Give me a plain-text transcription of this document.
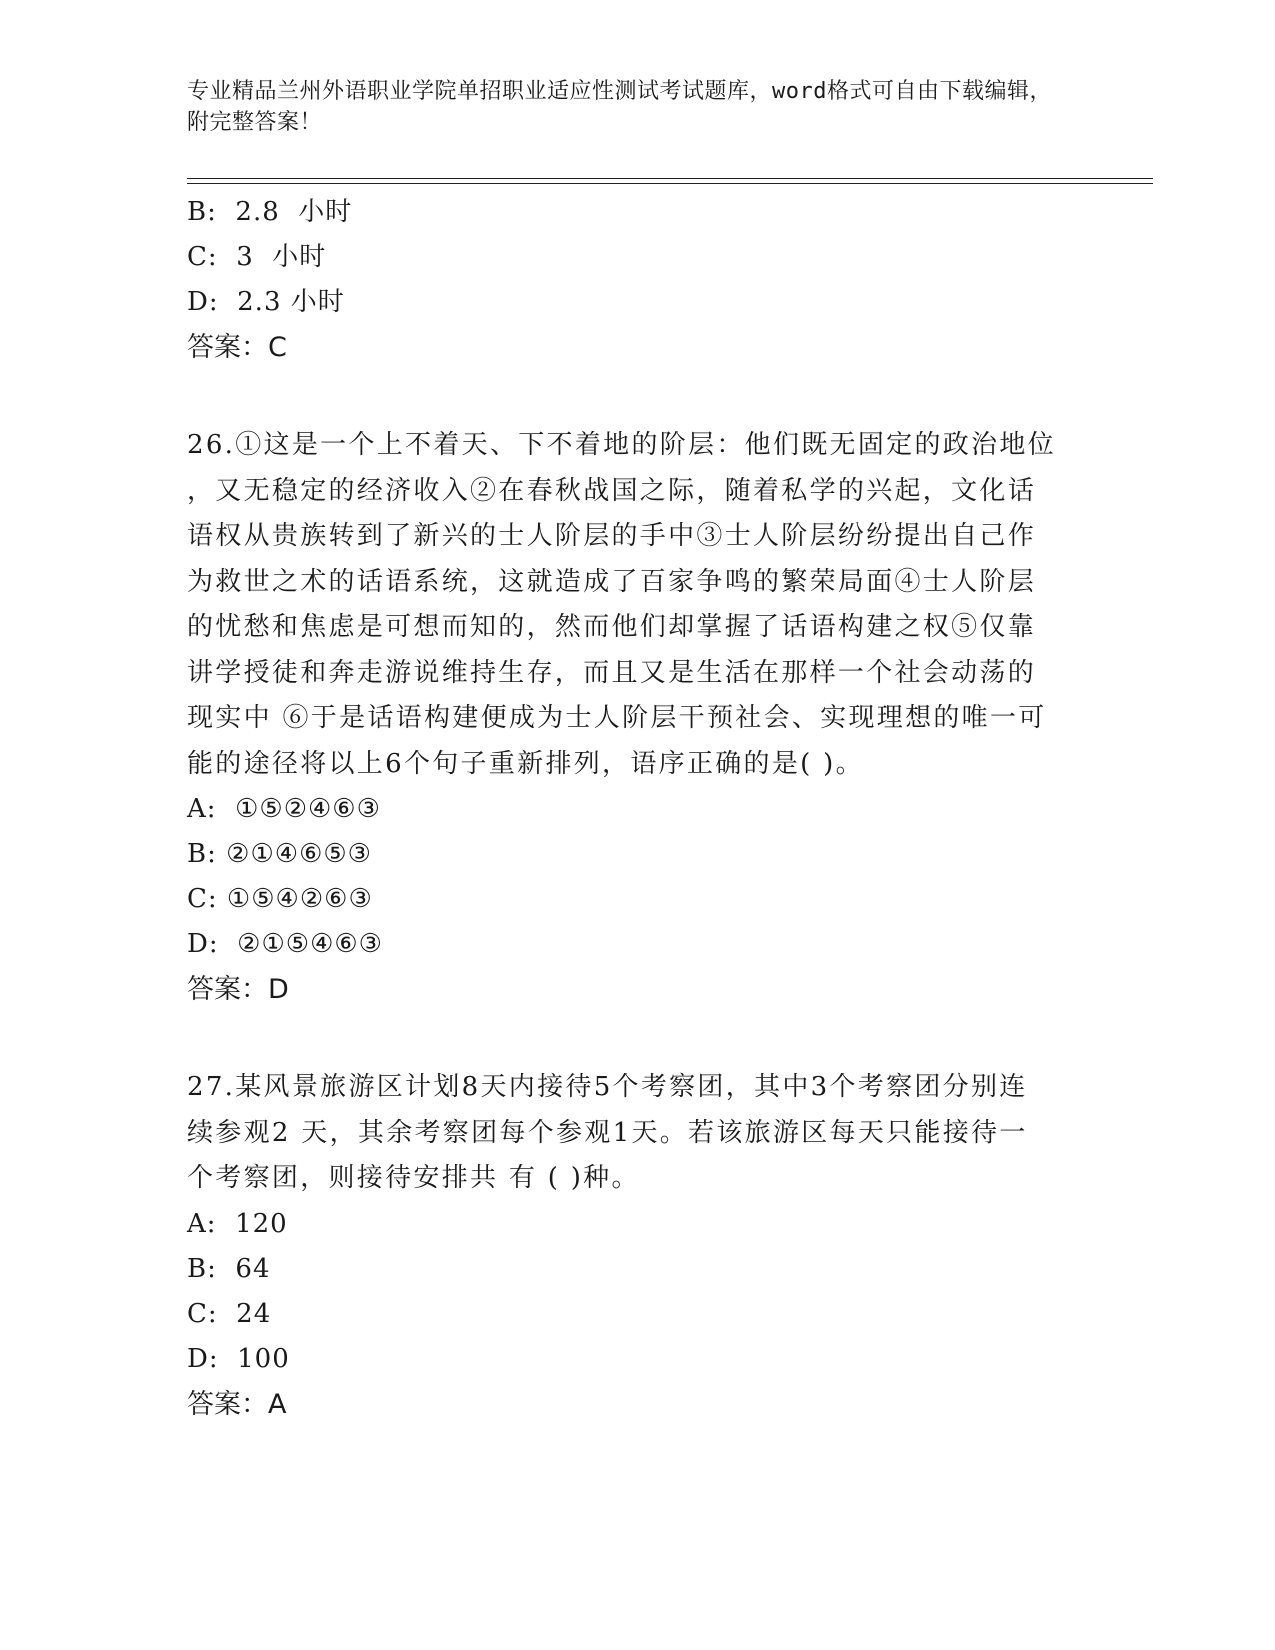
专业精品兰州外语职业学院单招职业适应性测试考试题库，word格式可自由下载编辑，附完整答案！
B: 2.8  小时
C: 3  小时
D: 2.3 小时
答案：C
26.①这是一个上不着天、下不着地的阶层：他们既无固定的政治地位
，又无稳定的经济收入②在春秋战国之际，随着私学的兴起，文化话
语权从贵族转到了新兴的士人阶层的手中③士人阶层纷纷提出自己作
为救世之术的话语系统，这就造成了百家争鸣的繁荣局面④士人阶层
的忧愁和焦虑是可想而知的，然而他们却掌握了话语构建之权⑤仅靠
讲学授徒和奔走游说维持生存，而且又是生活在那样一个社会动荡的
现实中 ⑥于是话语构建便成为士人阶层干预社会、实现理想的唯一可
能的途径将以上6个句子重新排列，语序正确的是( )。
A:  ①⑤②④⑥③
B: ②①④⑥⑤③
C: ①⑤④②⑥③
D:  ②①⑤④⑥③
答案：D
27.某风景旅游区计划8天内接待5个考察团，其中3个考察团分别连
续参观2 天，其余考察团每个参观1天。若该旅游区每天只能接待一
个考察团，则接待安排共 有 ( )种。
A:  120
B:  64
C:  24
D:  100
答案：A
